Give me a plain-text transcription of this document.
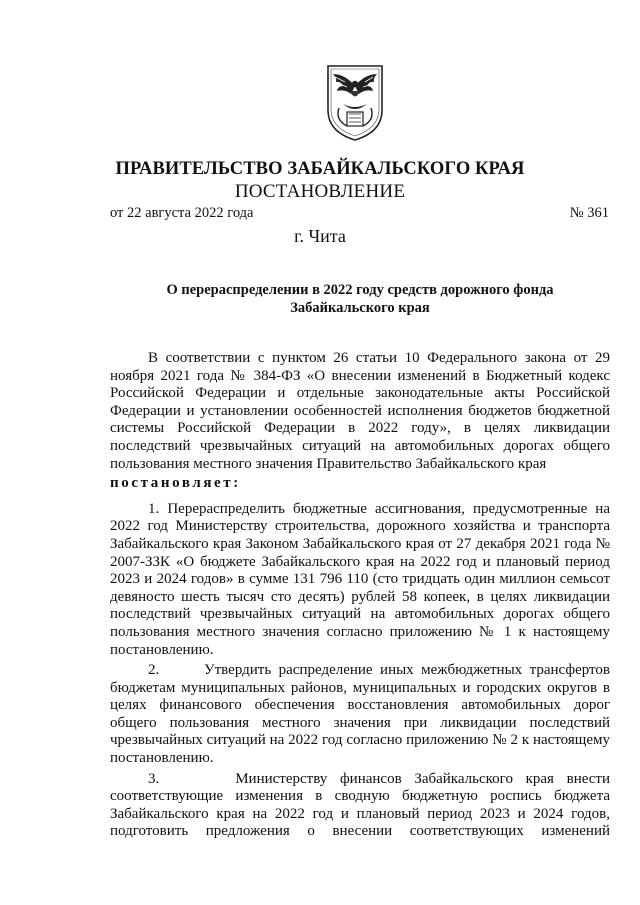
ПРАВИТЕЛЬСТВО ЗАБАЙКАЛЬСКОГО КРАЯ
ПОСТАНОВЛЕНИЕ
от 22 августа 2022 года	№ 361
г. Чита
О перераспределении в 2022 году средств дорожного фонда
Забайкальского края

В соответствии с пунктом 26 статьи 10 Федерального закона от 29 ноября 2021 года № 384-ФЗ «О внесении изменений в Бюджетный кодекс Российской Федерации и отдельные законодательные акты Российской Федерации и установлении особенностей исполнения бюджетов бюджетной системы Российской Федерации в 2022 году», в целях ликвидации последствий чрезвычайных ситуаций на автомобильных дорогах общего пользования местного значения Правительство Забайкальского края

постановляет:

1. Перераспределить бюджетные ассигнования, предусмотренные на 2022 год Министерству строительства, дорожного хозяйства и транспорта Забайкальского края Законом Забайкальского края от 27 декабря 2021 года № 2007-ЗЗК «О бюджете Забайкальского края на 2022 год и плановый период 2023 и 2024 годов» в сумме 131 796 110 (сто тридцать один миллион семьсот девяносто шесть тысяч сто десять) рублей 58 копеек, в целях ликвидации последствий чрезвычайных ситуаций на автомобильных дорогах общего пользования местного значения согласно приложению № 1 к настоящему постановлению.

2.	Утвердить распределение иных межбюджетных трансфертов бюджетам муниципальных районов, муниципальных и городских округов в целях финансового обеспечения восстановления автомобильных дорог общего пользования местного значения при ликвидации последствий чрезвычайных ситуаций на 2022 год согласно приложению № 2 к настоящему постановлению.

3.	Министерству финансов Забайкальского края внести соответствующие изменения в сводную бюджетную роспись бюджета Забайкальского края на 2022 год и плановый период 2023 и 2024 годов, подготовить предложения о внесении соответствующих изменений
